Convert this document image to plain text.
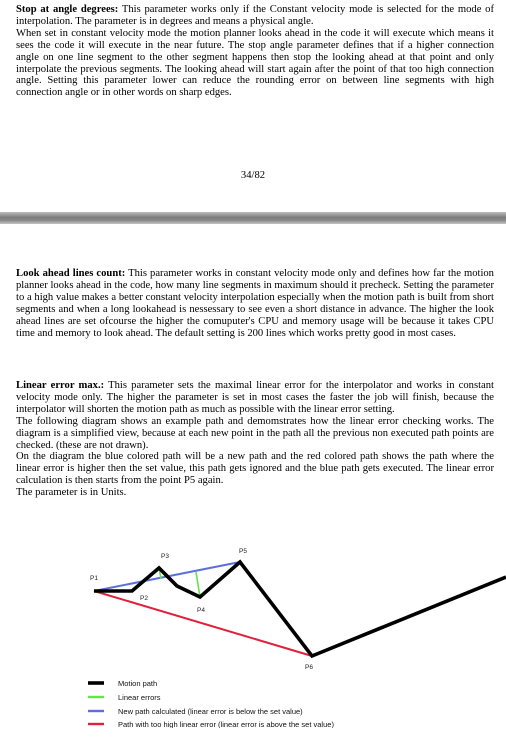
Stop at angle degrees: This parameter works only if the Constant velocity mode is selected for the mode of interpolation. The parameter is in degrees and means a physical angle.

When set in constant velocity mode the motion planner looks ahead in the code it will execute which means it sees the code it will execute in the near future. The stop angle parameter defines that if a higher connection angle on one line segment to the other segment happens then stop the looking ahead at that point and only interpolate the previous segments. The looking ahead will start again after the point of that too high connection angle. Setting this parameter lower can reduce the rounding error on between line segments with high connection angle or in other words on sharp edges.

34/82

Look ahead lines count: This parameter works in constant velocity mode only and defines how far the motion planner looks ahead in the code, how many line segments in maximum should it precheck. Setting the parameter to a high value makes a better constant velocity interpolation especially when the motion path is built from short segments and when a long lookahead is nessessary to see even a short distance in advance. The higher the look ahead lines are set ofcourse the higher the comuputer's CPU and memory usage will be because it takes CPU time and memory to look ahead. The default setting is 200 lines which works pretty good in most cases.

Linear error max.: This parameter sets the maximal linear error for the interpolator and works in constant velocity mode only. The higher the parameter is set in most cases the faster the job will finish, because the interpolator will shorten the motion path as much as possible with the linear error setting.

The following diagram shows an example path and demomstrates how the linear error checking works. The diagram is a simplified view, because at each new point in the path all the previous non executed path points are checked. (these are not drawn).

On the diagram the blue colored path will be a new path and the red colored path shows the path where the linear error is higher then the set value, this path gets ignored and the blue path gets executed. The linear error calculation is then starts from the point P5 again.

The parameter is in Units.

P1
P2
P3
P4
P5
P6
Motion path
Linear errors
New path calculated (linear error is below the set value)
Path with too high linear error (linear error is above the set value)
